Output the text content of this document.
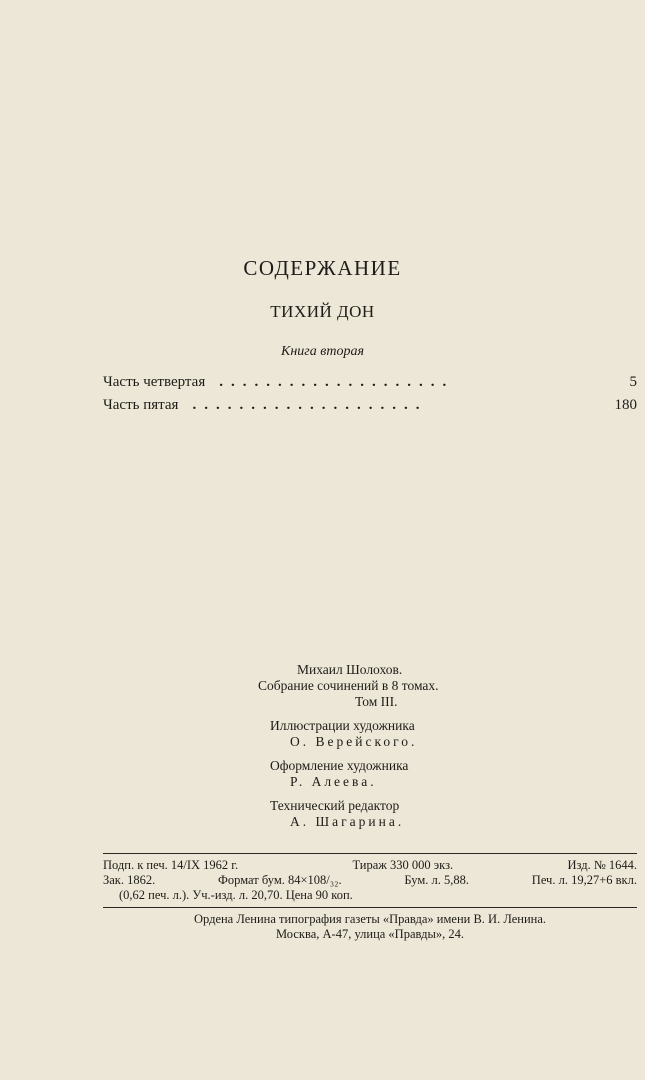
СОДЕРЖАНИЕ
ТИХИЙ ДОН
Книга вторая
Часть четвертая ....................	5
Часть пятая ....................	180
Михаил Шолохов.
Собрание сочинений в 8 томах.
Том III.
Иллюстрации художника
О. Верейского.
Оформление художника
Р. Алеева.
Технический редактор
А. Шагарина.
Подп. к печ. 14/IX 1962 г.	Тираж 330 000 экз.	Изд. № 1644.
Зак. 1862.	Формат бум. 84×108/₃₂.	Бум. л. 5,88.	Печ. л. 19,27+6 вкл.
(0,62 печ. л.). Уч.-изд. л. 20,70. Цена 90 коп.
Ордена Ленина типография газеты «Правда» имени В. И. Ленина.
Москва, А-47, улица «Правды», 24.
